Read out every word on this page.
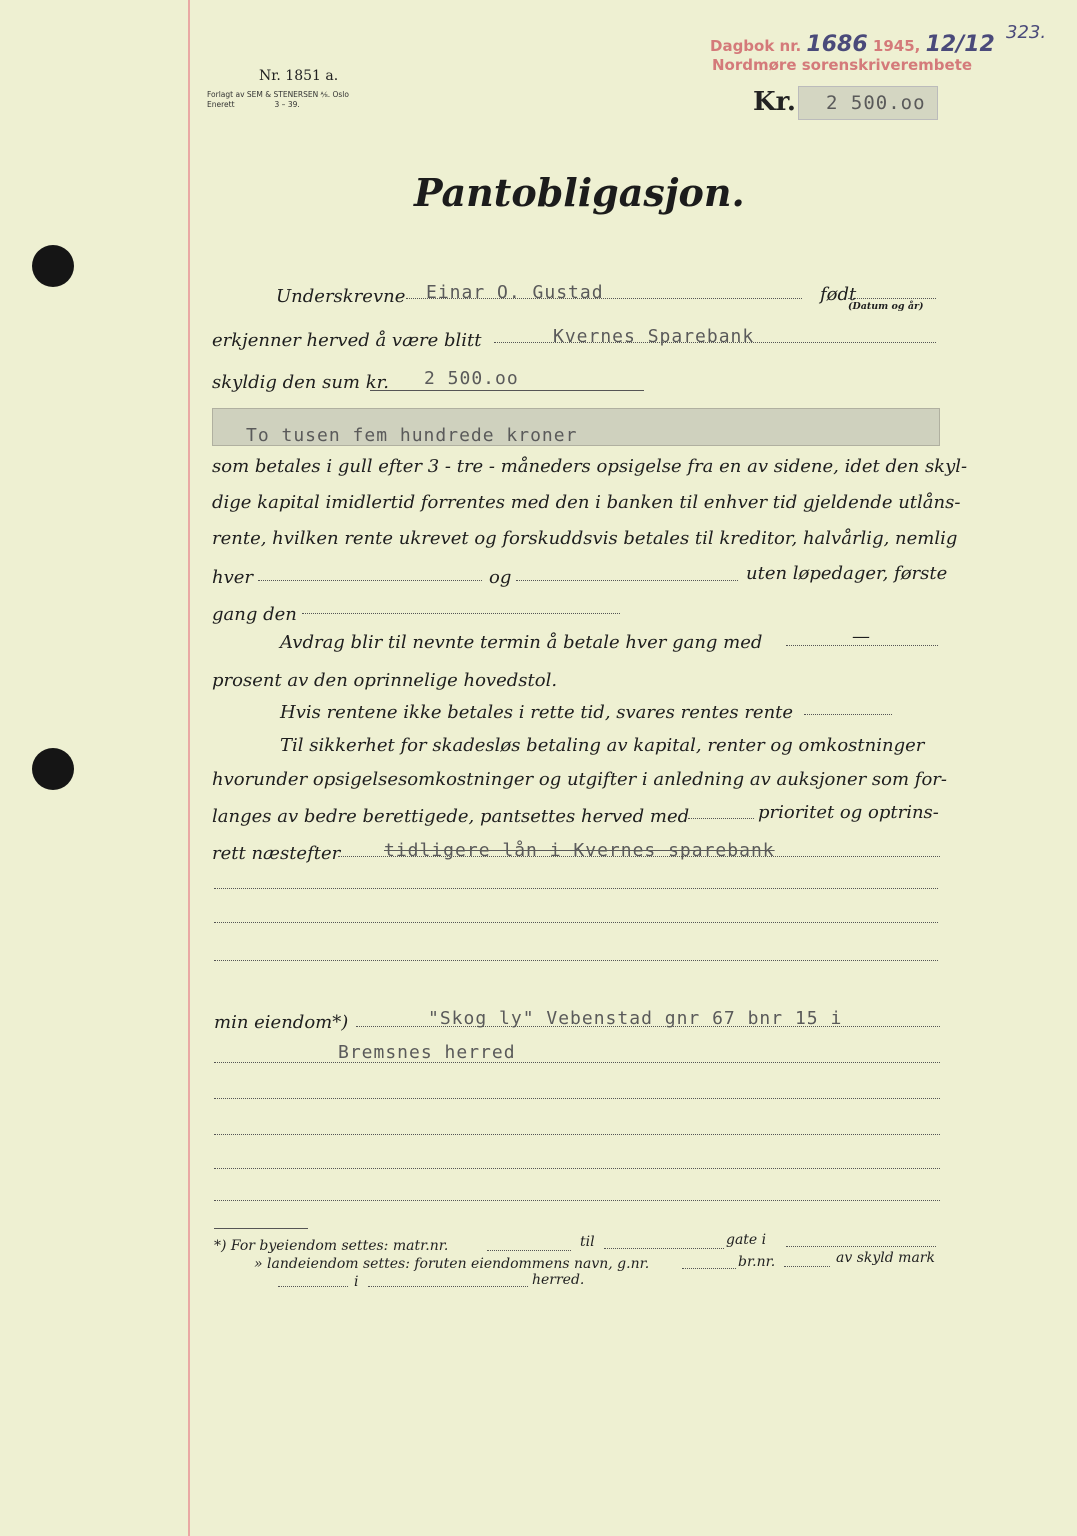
Dagbok nr. 1686 1945, 12/12 323.
Nordmøre sorenskriverembete
Nr. 1851 a.
Forlagt av SEM & STENERSEN ⅍. Oslo
Enerett	3 – 39.	Kr. 2 500.oo
Pantobligasjon.
Underskrevne Einar O. Gustad	født
(Datum og år)
erkjenner herved å være blitt	Kvernes Sparebank
skyldig den sum kr. 2 500.oo
To tusen fem hundrede kroner
som betales i gull efter 3 - tre - måneders opsigelse fra en av sidene, idet den skyl-
dige kapital imidlertid forrentes med den i banken til enhver tid gjeldende utlåns-
rente, hvilken rente ukrevet og forskuddsvis betales til kreditor, halvårlig, nemlig
hver	og	uten løpedager, første
gang den
Avdrag blir til nevnte termin å betale hver gang med	—
prosent av den oprinnelige hovedstol.
Hvis rentene ikke betales i rette tid, svares rentes rente
Til sikkerhet for skadesløs betaling av kapital, renter og omkostninger
hvorunder opsigelsesomkostninger og utgifter i anledning av auksjoner som for-
langes av bedre berettigede, pantsettes herved med	prioritet og optrins-
rett næstefter tidligere lån i Kvernes sparebank
min eiendom*)	"Skog ly" Vebenstad gnr 67 bnr 15 i
Bremsnes herred
*) For byeiendom settes: matr.nr.	til	gate i
» landeiendom settes: foruten eiendommens navn, g.nr.	br.nr.	av skyld mark
i	herred.
